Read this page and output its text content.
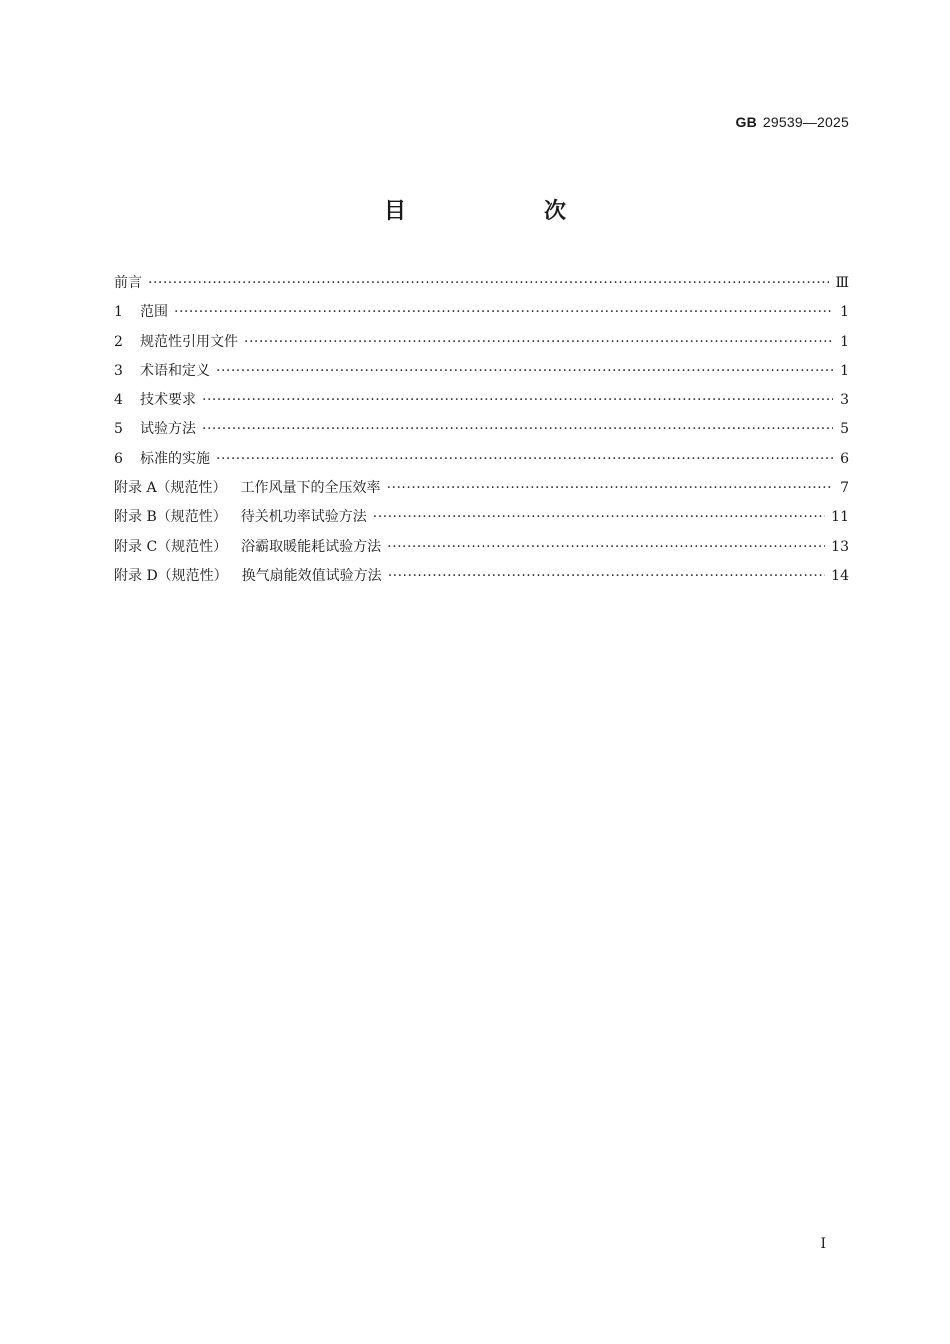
GB 29539—2025
目　次
前言 ·····	Ⅲ
1	范围 ·····	1
2	规范性引用文件 ·····	1
3	术语和定义 ·····	1
4	技术要求 ·····	3
5	试验方法 ·····	5
6	标准的实施 ·····	6
附录 A（规范性） 工作风量下的全压效率 ·····	7
附录 B（规范性） 待关机功率试验方法 ·····	11
附录 C（规范性） 浴霸取暖能耗试验方法 ·····	13
附录 D（规范性） 换气扇能效值试验方法 ·····	14
Ⅰ
